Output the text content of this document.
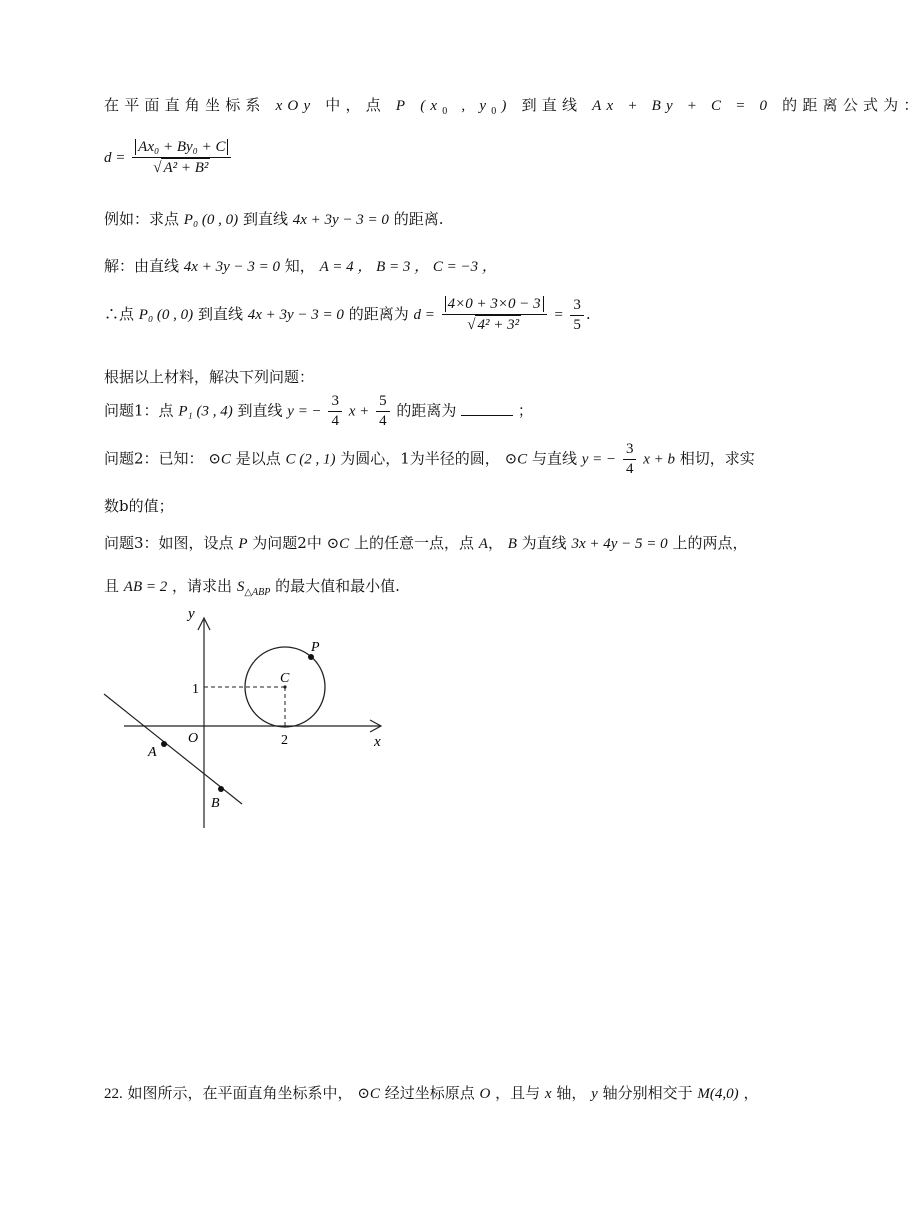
在平面直角坐标系 xOy 中，点 P ($x_0$ , $y_0$) 到直线 Ax + By + C = 0 的距离公式为：
$d = \frac{\text{Ax₀ + By₀ + C}}{\text{√ A² + B²}}$
例如：求点 P₀ (0 , 0) 到直线 4x + 3y − 3 = 0 的距离.
解：由直线 4x + 3y − 3 = 0 知， A = 4 ， B = 3 ， C = −3 ，
∴点 P₀ (0 , 0) 到直线 4x + 3y − 3 = 0 的距离为 $d = \frac{4\times 0 + 3\times 0 - 3}{\text{√ 4² + 3²}} = \frac{3}{5}$ .
根据以上材料，解决下列问题：
问题1：点 P₁ (3 , 4) 到直线 y = − $\frac{3}{4}$ $x + \frac{5}{4}$ 的距离为	；
问题2：已知： ⊙C 是以点 C (2 , 1) 为圆心，1为半径的圆， ⊙C 与直线 y = − $\frac{3}{4}$ x + b 相切，求实
数b的值；
问题3：如图，设点 P 为问题2中 ⊙C 上的任意一点，点 A， B 为直线 3x + 4y − 5 = 0 上的两点，
且 AB = 2 ，请求出 $S_{\triangle ABP}$ 的最大值和最小值.
y
x
O
1
2
C
P
A
B
22. 如图所示，在平面直角坐标系中， ⊙C 经过坐标原点 O ，且与 x 轴， y 轴分别相交于 M(4,0) ，
